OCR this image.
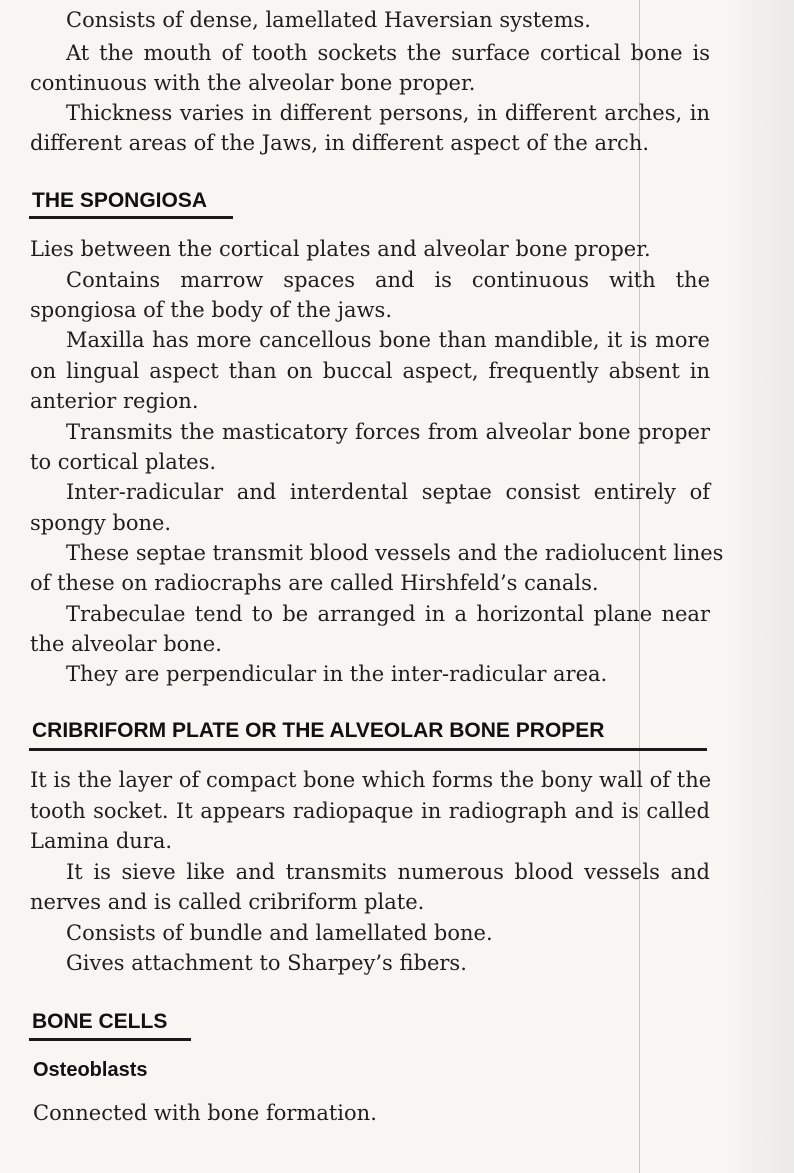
Consists of dense, lamellated Haversian systems.
At the mouth of tooth sockets the surface cortical bone is
continuous with the alveolar bone proper.
Thickness varies in different persons, in different arches, in
different areas of the Jaws, in different aspect of the arch.
THE SPONGIOSA
Lies between the cortical plates and alveolar bone proper.
Contains marrow spaces and is continuous with the
spongiosa of the body of the jaws.
Maxilla has more cancellous bone than mandible, it is more
on lingual aspect than on buccal aspect, frequently absent in
anterior region.
Transmits the masticatory forces from alveolar bone proper
to cortical plates.
Inter-radicular and interdental septae consist entirely of
spongy bone.
These septae transmit blood vessels and the radiolucent lines
of these on radiocraphs are called Hirshfeld’s canals.
Trabeculae tend to be arranged in a horizontal plane near
the alveolar bone.
They are perpendicular in the inter-radicular area.
CRIBRIFORM PLATE OR THE ALVEOLAR BONE PROPER
It is the layer of compact bone which forms the bony wall of the
tooth socket. It appears radiopaque in radiograph and is called
Lamina dura.
It is sieve like and transmits numerous blood vessels and
nerves and is called cribriform plate.
Consists of bundle and lamellated bone.
Gives attachment to Sharpey’s fibers.
BONE CELLS
Osteoblasts
Connected with bone formation.
